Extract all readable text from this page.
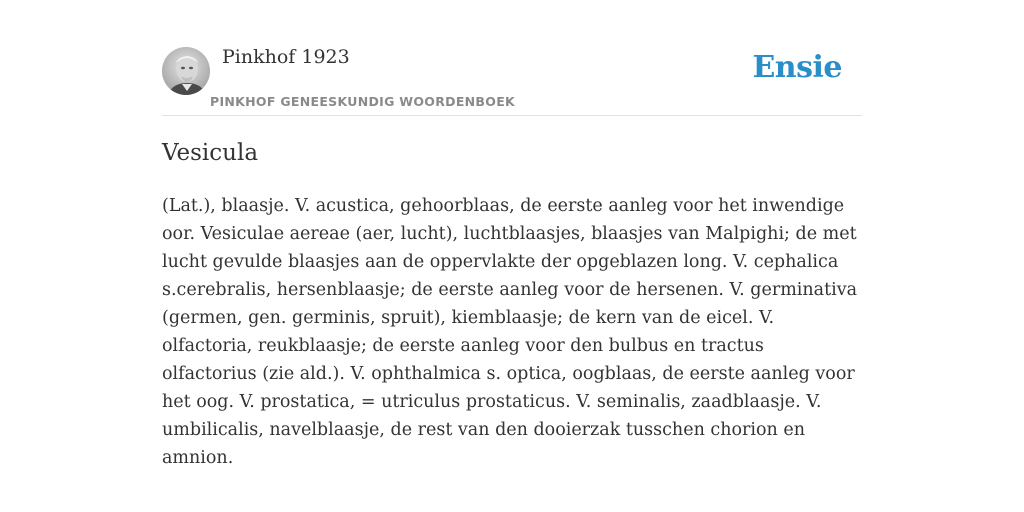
Pinkhof 1923
PINKHOF GENEESKUNDIG WOORDENBOEK
Ensie
Vesicula

(Lat.), blaasje. V. acustica, gehoorblaas, de eerste aanleg voor het inwendige oor. Vesiculae aereae (aer, lucht), luchtblaasjes, blaasjes van Malpighi; de met lucht gevulde blaasjes aan de oppervlakte der opgeblazen long. V. cephalica s.cerebralis, hersenblaasje; de eerste aanleg voor de hersenen. V. germinativa (germen, gen. germinis, spruit), kiemblaasje; de kern van de eicel. V. olfactoria, reukblaasje; de eerste aanleg voor den bulbus en tractus olfactorius (zie ald.). V. ophthalmica s. optica, oogblaas, de eerste aanleg voor het oog. V. prostatica, = utriculus prostaticus. V. seminalis, zaadblaasje. V. umbilicalis, navelblaasje, de rest van den dooierzak tusschen chorion en amnion.
